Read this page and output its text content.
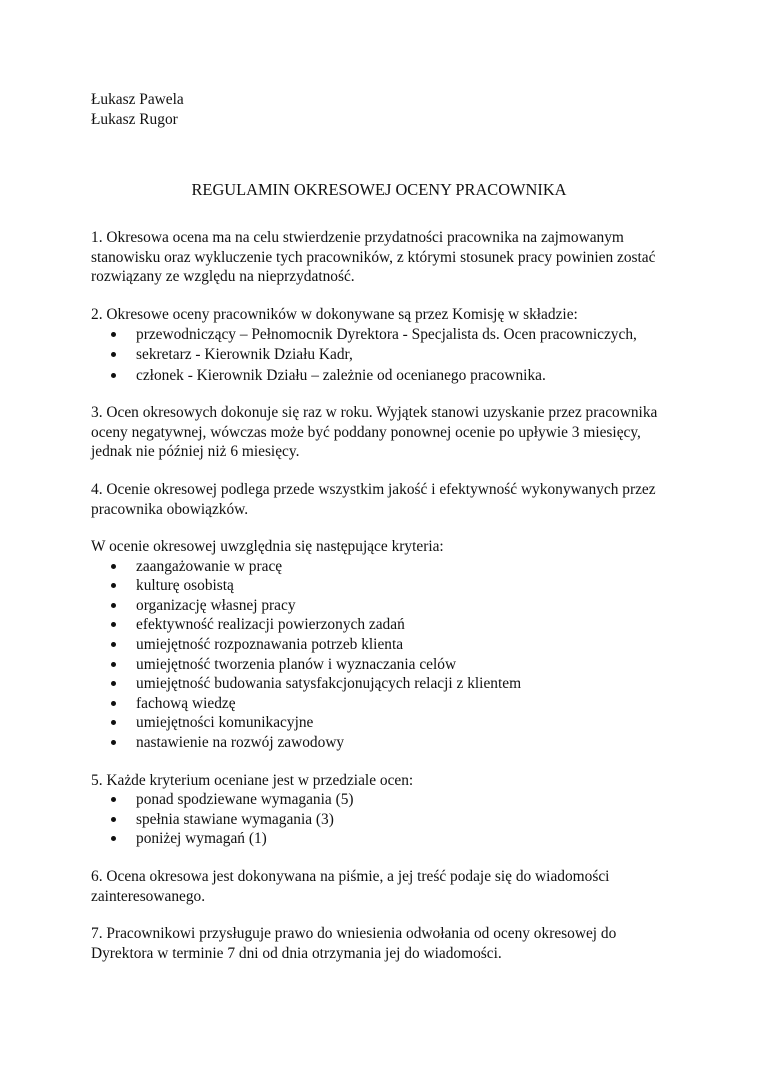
Łukasz Pawela
Łukasz Rugor
REGULAMIN OKRESOWEJ OCENY PRACOWNIKA

1. Okresowa ocena ma na celu stwierdzenie przydatności pracownika na zajmowanym stanowisku oraz wykluczenie tych pracowników, z którymi stosunek pracy powinien zostać rozwiązany ze względu na nieprzydatność.

2. Okresowe oceny pracowników w dokonywane są przez Komisję w składzie:

przewodniczący – Pełnomocnik Dyrektora - Specjalista ds. Ocen pracowniczych,
sekretarz - Kierownik Działu Kadr,
członek - Kierownik Działu – zależnie od ocenianego pracownika.

3. Ocen okresowych dokonuje się raz w roku. Wyjątek stanowi uzyskanie przez pracownika oceny negatywnej, wówczas może być poddany ponownej ocenie po upływie 3 miesięcy, jednak nie później niż 6 miesięcy.

4. Ocenie okresowej podlega przede wszystkim jakość i efektywność wykonywanych przez pracownika obowiązków.

W ocenie okresowej uwzględnia się następujące kryteria:

zaangażowanie w pracę
kulturę osobistą
organizację własnej pracy
efektywność realizacji powierzonych zadań
umiejętność rozpoznawania potrzeb klienta
umiejętność tworzenia planów i wyznaczania celów
umiejętność budowania satysfakcjonujących relacji z klientem
fachową wiedzę
umiejętności komunikacyjne
nastawienie na rozwój zawodowy

5. Każde kryterium oceniane jest w przedziale ocen:

ponad spodziewane wymagania (5)
spełnia stawiane wymagania (3)
poniżej wymagań (1)

6. Ocena okresowa jest dokonywana na piśmie, a jej treść podaje się do wiadomości zainteresowanego.

7. Pracownikowi przysługuje prawo do wniesienia odwołania od oceny okresowej do Dyrektora w terminie 7 dni od dnia otrzymania jej do wiadomości.
